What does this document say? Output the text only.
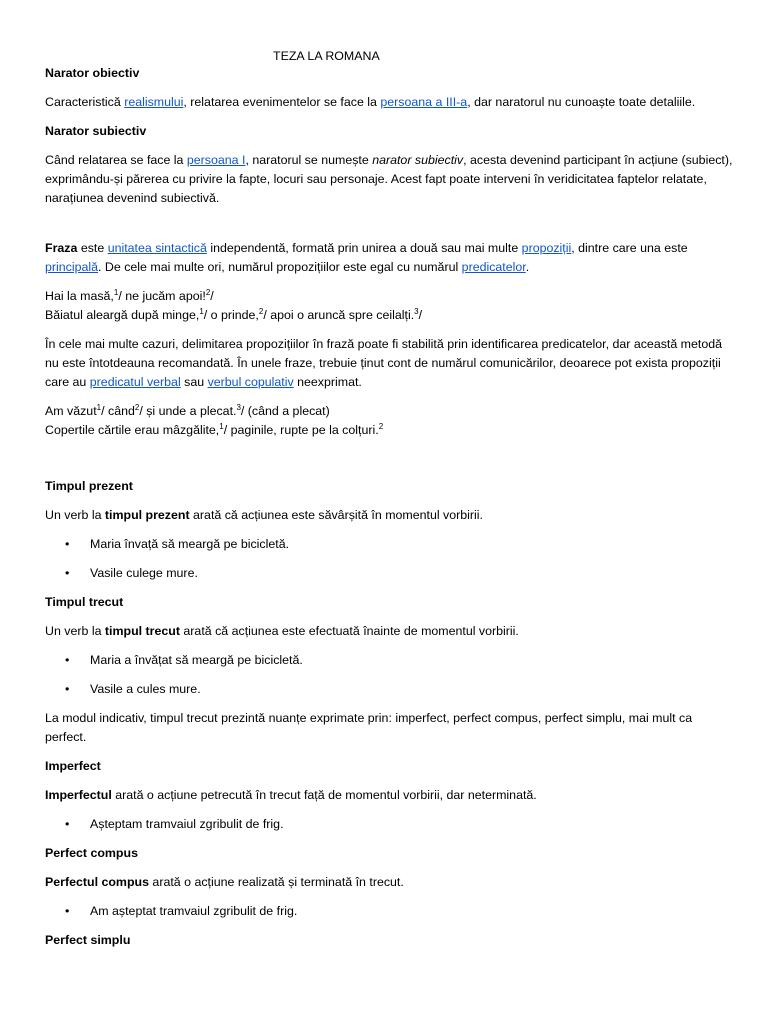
TEZA LA ROMANA
Narator obiectiv

Caracteristică realismului, relatarea evenimentelor se face la persoana a III-a, dar naratorul nu cunoaște toate detaliile.

Narator subiectiv

Când relatarea se face la persoana I, naratorul se numește narator subiectiv, acesta devenind participant în acțiune (subiect), exprimându-și părerea cu privire la fapte, locuri sau personaje. Acest fapt poate interveni în veridicitatea faptelor relatate, narațiunea devenind subiectivă.

Fraza este unitatea sintactică independentă, formată prin unirea a două sau mai multe propoziții, dintre care una este principală. De cele mai multe ori, numărul propozițiilor este egal cu numărul predicatelor.

Hai la masă,$^1$/ ne jucăm apoi!$^2$/
Băiatul aleargă după minge,$^1$/ o prinde,$^2$/ apoi o aruncă spre ceilalți.$^3$/

În cele mai multe cazuri, delimitarea propozițiilor în frază poate fi stabilită prin identificarea predicatelor, dar această metodă nu este întotdeauna recomandată. În unele fraze, trebuie ținut cont de numărul comunicărilor, deoarece pot exista propoziții care au predicatul verbal sau verbul copulativ neexprimat.

Am văzut$^1$/ când$^2$/ și unde a plecat.$^3$/ (când a plecat)
Copertile cărtile erau mâzgălite,$^1$/ paginile, rupte pe la colțuri.$^2$

Timpul prezent

Un verb la timpul prezent arată că acțiunea este săvârșită în momentul vorbirii.

• Maria învață să meargă pe bicicletă.
• Vasile culege mure.
Timpul trecut

Un verb la timpul trecut arată că acțiunea este efectuată înainte de momentul vorbirii.

• Maria a învățat să meargă pe bicicletă.
• Vasile a cules mure.

La modul indicativ, timpul trecut prezintă nuanțe exprimate prin: imperfect, perfect compus, perfect simplu, mai mult ca perfect.

Imperfect

Imperfectul arată o acțiune petrecută în trecut față de momentul vorbirii, dar neterminată.

• Așteptam tramvaiul zgribulit de frig.
Perfect compus

Perfectul compus arată o acțiune realizată și terminată în trecut.

• Am așteptat tramvaiul zgribulit de frig.
Perfect simplu
